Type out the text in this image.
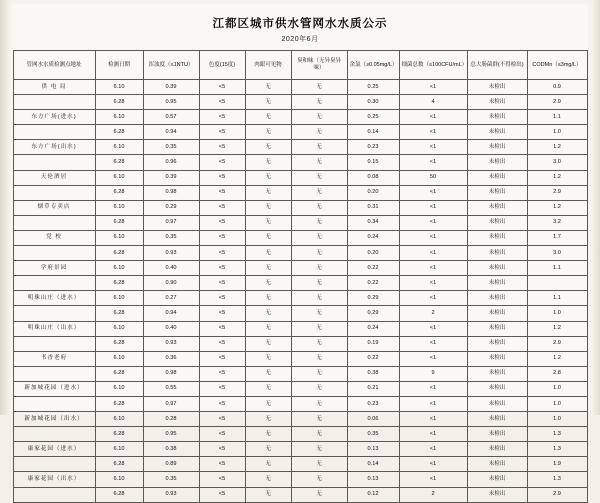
江都区城市供水管网水水质公示
2020年6月
管网水水质检测点地址	检测日期	浑浊度（≤1NTU）	色度(15度)	肉眼可见物	臭和味（无异臭异味）	余氯（≥0.05mg/L）	细菌总数（≤100CFU/mL）	总大肠菌群(不得检出)	CODMn（≤3mg/L）
供 电 局	6.10	0.39	<5	无	无	0.25	<1	未检出	0.9
	6.28	0.95	<5	无	无	0.30	4	未检出	2.9
东方广场(进水)	6.10	0.57	<5	无	无	0.25	<1	未检出	1.1
	6.28	0.94	<5	无	无	0.14	<1	未检出	1.0
东方广场(出水)	6.10	0.35	<5	无	无	0.23	<1	未检出	1.2
	6.28	0.96	<5	无	无	0.15	<1	未检出	3.0
天伦酒居	6.10	0.39	<5	无	无	0.08	50	未检出	1.2
	6.28	0.98	<5	无	无	0.20	<1	未检出	2.9
烟草专卖店	6.10	0.29	<5	无	无	0.31	<1	未检出	1.2
	6.28	0.97	<5	无	无	0.34	<1	未检出	3.2
党 校	6.10	0.35	<5	无	无	0.24	<1	未检出	1.7
	6.28	0.93	<5	无	无	0.20	<1	未检出	3.0
学府景园	6.10	0.40	<5	无	无	0.22	<1	未检出	1.1
	6.28	0.90	<5	无	无	0.22	<1	未检出	
明珠山庄（进水）	6.10	0.27	<5	无	无	0.29	<1	未检出	1.1
	6.28	0.94	<5	无	无	0.29	2	未检出	1.0
明珠山庄（出水）	6.10	0.40	<5	无	无	0.24	<1	未检出	1.2
	6.28	0.93	<5	无	无	0.19	<1	未检出	2.9
书香老府	6.10	0.36	<5	无	无	0.22	<1	未检出	1.2
	6.28	0.98	<5	无	无	0.38	9	未检出	2.8
新加城花园（进水）	6.10	0.55	<5	无	无	0.21	<1	未检出	1.0
	6.28	0.97	<5	无	无	0.23	<1	未检出	1.0
新加城花园（出水）	6.10	0.28	<5	无	无	0.06	<1	未检出	1.0
	6.28	0.95	<5	无	无	0.35	<1	未检出	1.3
康家花园（进水）	6.10	0.38	<5	无	无	0.13	<1	未检出	1.3
	6.28	0.89	<5	无	无	0.14	<1	未检出	1.9
康家花园（出水）	6.10	0.35	<5	无	无	0.13	<1	未检出	1.3
	6.28	0.93	<5	无	无	0.12	2	未检出	2.9
